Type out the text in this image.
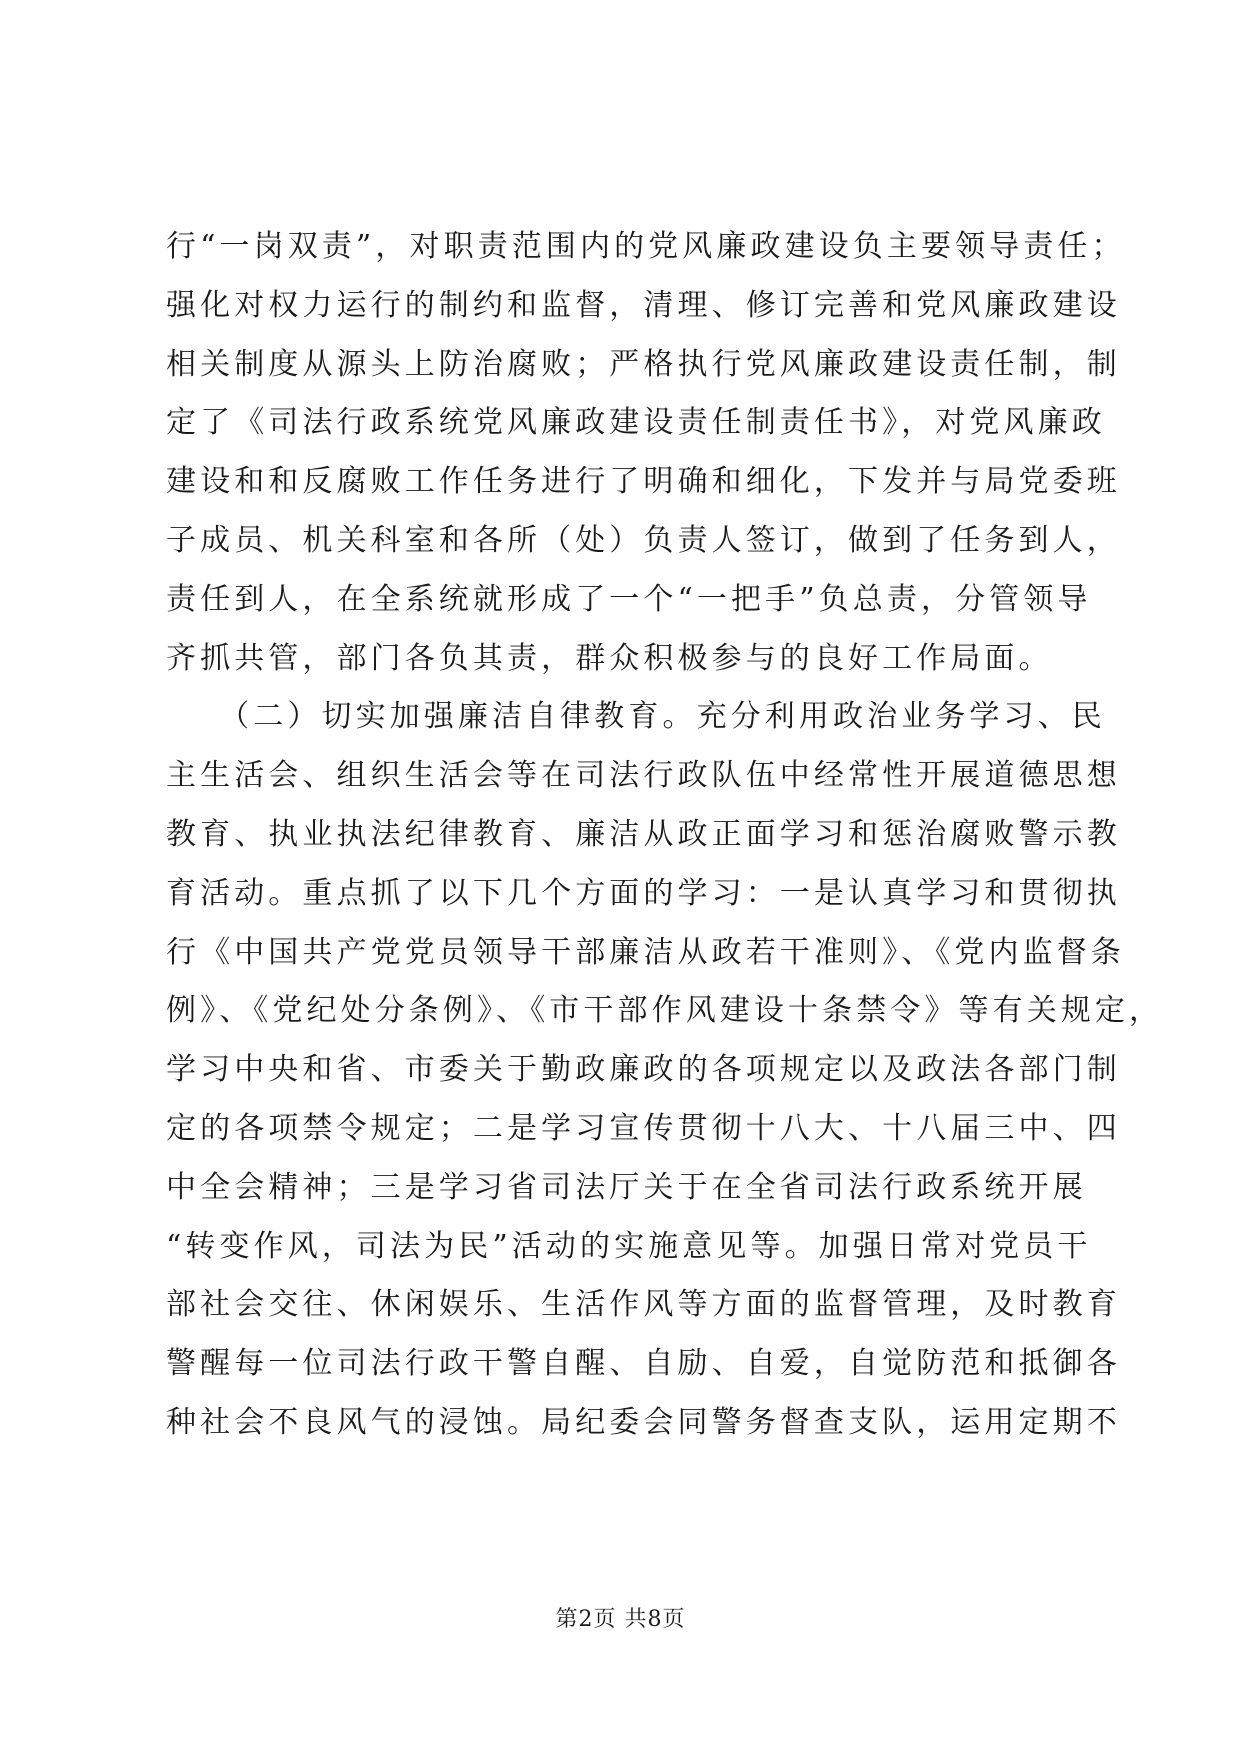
行“一岗双责”，对职责范围内的党风廉政建设负主要领导责任；
强化对权力运行的制约和监督，清理、修订完善和党风廉政建设
相关制度从源头上防治腐败；严格执行党风廉政建设责任制，制
定了《司法行政系统党风廉政建设责任制责任书》，对党风廉政
建设和和反腐败工作任务进行了明确和细化，下发并与局党委班
子成员、机关科室和各所（处）负责人签订，做到了任务到人，
责任到人，在全系统就形成了一个“一把手”负总责，分管领导
齐抓共管，部门各负其责，群众积极参与的良好工作局面。
　　（二）切实加强廉洁自律教育。充分利用政治业务学习、民
主生活会、组织生活会等在司法行政队伍中经常性开展道德思想
教育、执业执法纪律教育、廉洁从政正面学习和惩治腐败警示教
育活动。重点抓了以下几个方面的学习：一是认真学习和贯彻执
行《中国共产党党员领导干部廉洁从政若干准则》、《党内监督条
例》、《党纪处分条例》、《市干部作风建设十条禁令》等有关规定，
学习中央和省、市委关于勤政廉政的各项规定以及政法各部门制
定的各项禁令规定；二是学习宣传贯彻十八大、十八届三中、四
中全会精神；三是学习省司法厅关于在全省司法行政系统开展
“转变作风，司法为民”活动的实施意见等。加强日常对党员干
部社会交往、休闲娱乐、生活作风等方面的监督管理，及时教育
警醒每一位司法行政干警自醒、自励、自爱，自觉防范和抵御各
种社会不良风气的浸蚀。局纪委会同警务督查支队，运用定期不
第2页 共8页
